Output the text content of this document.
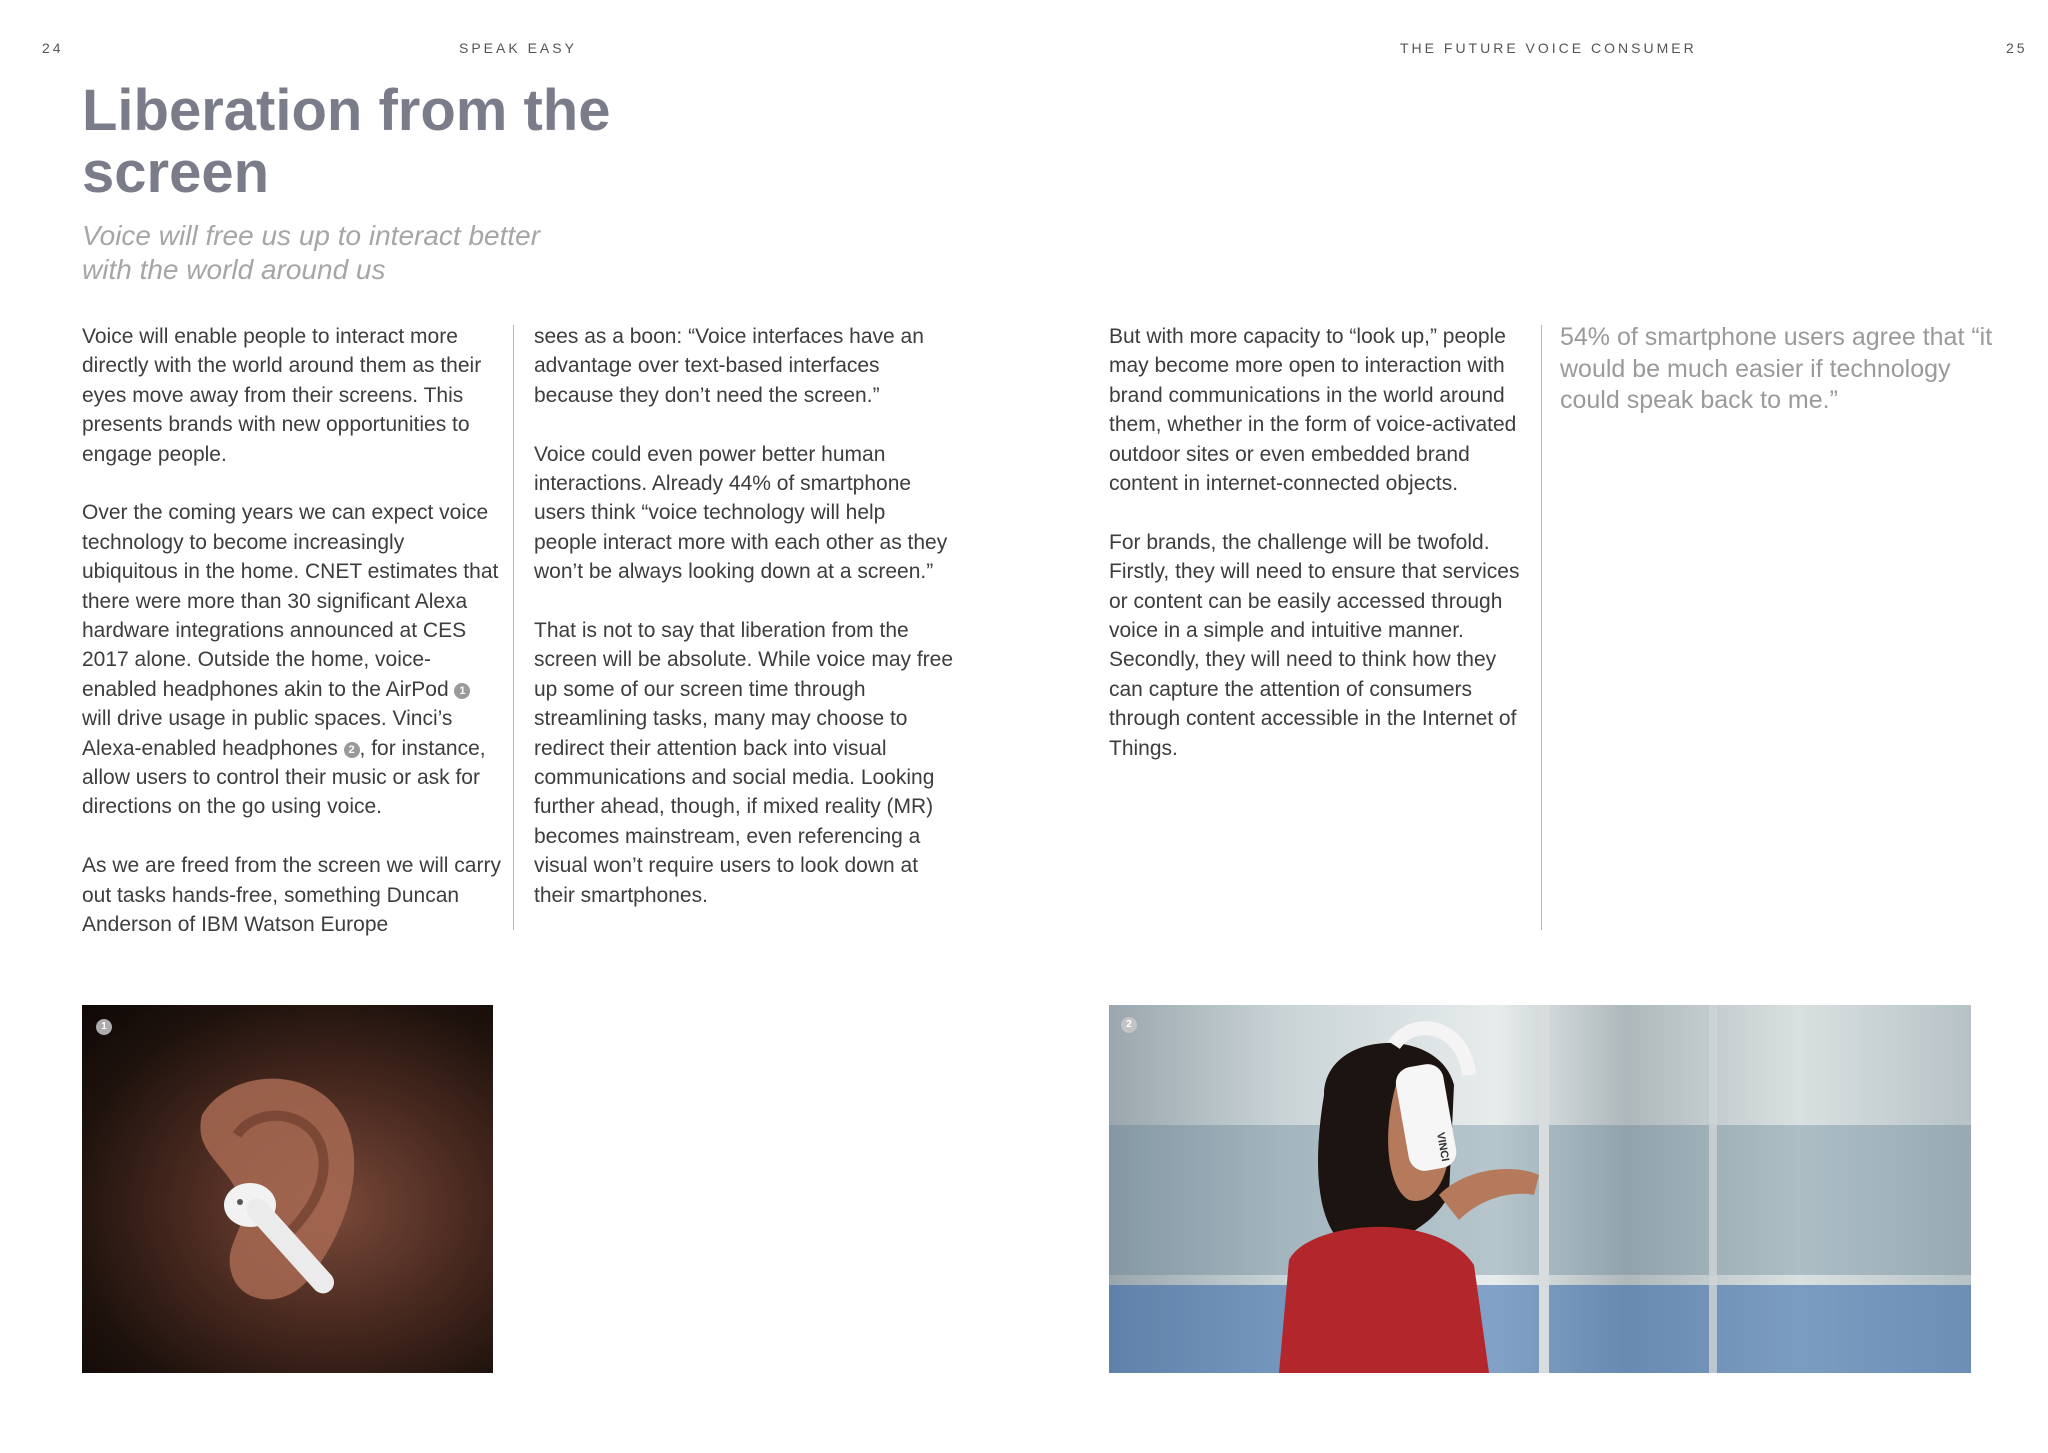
24	SPEAK EASY	THE FUTURE VOICE CONSUMER	25
Liberation from the screen
Voice will free us up to interact better with the world around us

Voice will enable people to interact more directly with the world around them as their eyes move away from their screens. This presents brands with new opportunities to engage people.

Over the coming years we can expect voice technology to become increasingly ubiquitous in the home. CNET estimates that there were more than 30 significant Alexa hardware integrations announced at CES 2017 alone. Outside the home, voice-enabled headphones akin to the AirPod 1 will drive usage in public spaces. Vinci’s Alexa-enabled headphones 2 , for instance, allow users to control their music or ask for directions on the go using voice.

As we are freed from the screen we will carry out tasks hands-free, something Duncan Anderson of IBM Watson Europe

sees as a boon: “Voice interfaces have an advantage over text-based interfaces because they don’t need the screen.”

Voice could even power better human interactions. Already 44% of smartphone users think “voice technology will help people interact more with each other as they won’t be always looking down at a screen.”

That is not to say that liberation from the screen will be absolute. While voice may free up some of our screen time through streamlining tasks, many may choose to redirect their attention back into visual communications and social media. Looking further ahead, though, if mixed reality (MR) becomes mainstream, even referencing a visual won’t require users to look down at their smartphones.

But with more capacity to “look up,” people may become more open to interaction with brand communications in the world around them, whether in the form of voice-activated outdoor sites or even embedded brand content in internet-connected objects.

For brands, the challenge will be twofold. Firstly, they will need to ensure that services or content can be easily accessed through voice in a simple and intuitive manner. Secondly, they will need to think how they can capture the attention of consumers through content accessible in the Internet of Things.

54% of smartphone users agree that “it would be much easier if technology could speak back to me.”
1
VINCI
2
